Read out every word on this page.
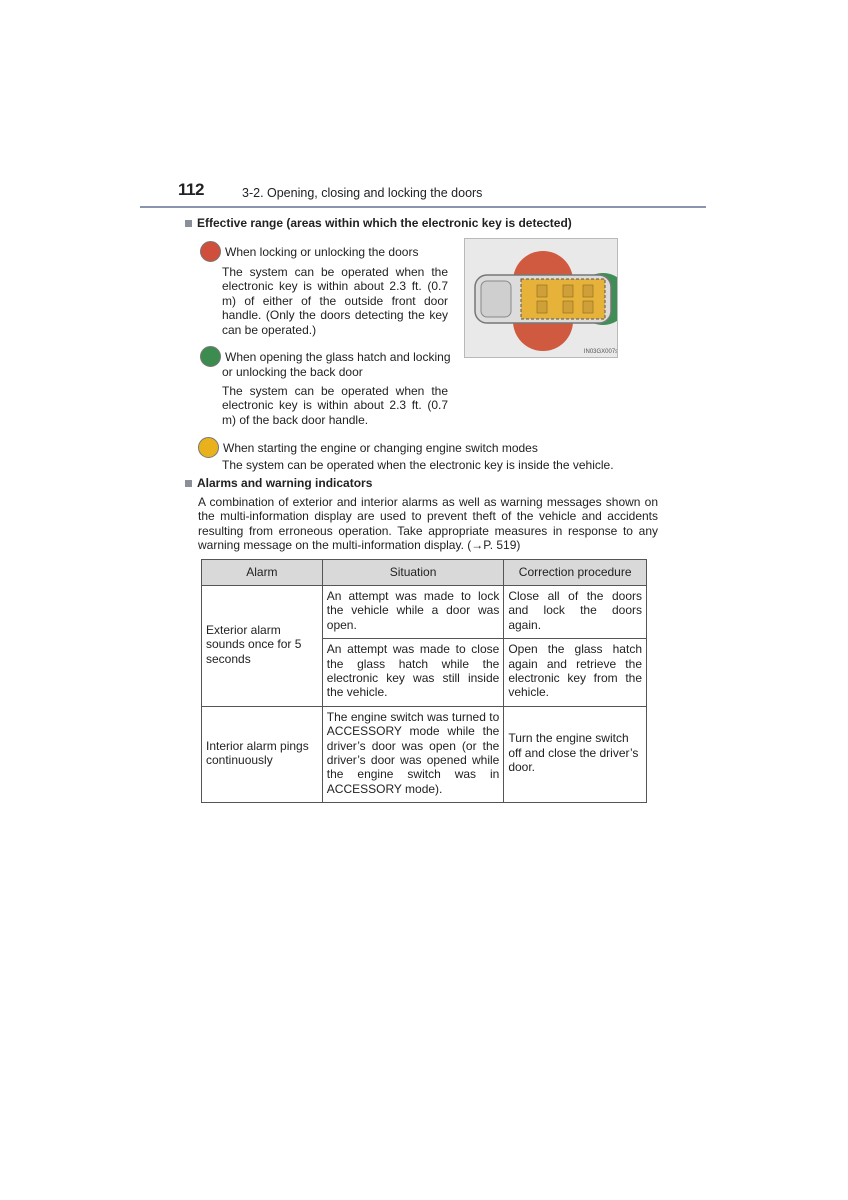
112	3-2. Opening, closing and locking the doors
Effective range (areas within which the electronic key is detected)
When locking or unlocking the doors
The system can be operated when the electronic key is within about 2.3 ft. (0.7 m) of either of the outside front door handle. (Only the doors detecting the key can be operated.)
When opening the glass hatch and locking
or unlocking the back door
The system can be operated when the electronic key is within about 2.3 ft. (0.7 m) of the back door handle.
When starting the engine or changing engine switch modes
The system can be operated when the electronic key is inside the vehicle.
IN03GX007s
Alarms and warning indicators
A combination of exterior and interior alarms as well as warning messages shown on the multi-information display are used to prevent theft of the vehicle and accidents resulting from erroneous operation. Take appropriate measures in response to any warning message on the multi-information display. (→P. 519)
Alarm	Situation	Correction procedure
Exterior alarm sounds once for 5 seconds	An attempt was made to lock the vehicle while a door was open.	Close all of the doors and lock the doors again.
	An attempt was made to close the glass hatch while the electronic key was still inside the vehicle.	Open the glass hatch again and retrieve the electronic key from the vehicle.
Interior alarm pings continuously	The engine switch was turned to ACCESSORY mode while the driver’s door was open (or the driver’s door was opened while the engine switch was in ACCESSORY mode).	Turn the engine switch off and close the driver’s door.
